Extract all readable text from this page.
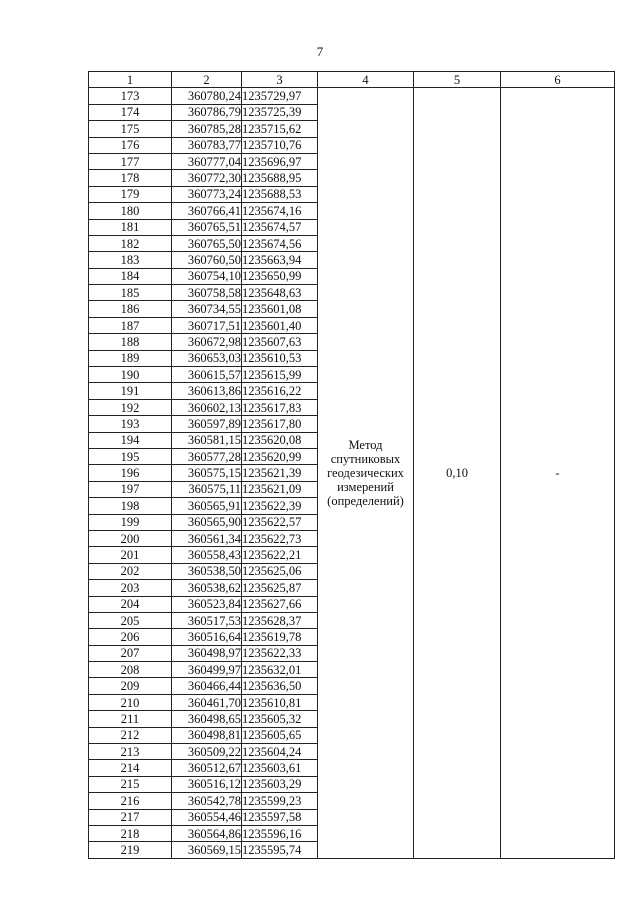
7
1	2	3	4	5	6
173	360780,24	1235729,97	Метод
спутниковых
геодезических
измерений
(определений)	0,10	-
174	360786,79	1235725,39			
175	360785,28	1235715,62			
176	360783,77	1235710,76			
177	360777,04	1235696,97			
178	360772,30	1235688,95			
179	360773,24	1235688,53			
180	360766,41	1235674,16			
181	360765,51	1235674,57			
182	360765,50	1235674,56			
183	360760,50	1235663,94			
184	360754,10	1235650,99			
185	360758,58	1235648,63			
186	360734,55	1235601,08			
187	360717,51	1235601,40			
188	360672,98	1235607,63			
189	360653,03	1235610,53			
190	360615,57	1235615,99			
191	360613,86	1235616,22			
192	360602,13	1235617,83			
193	360597,89	1235617,80			
194	360581,15	1235620,08			
195	360577,28	1235620,99			
196	360575,15	1235621,39			
197	360575,11	1235621,09			
198	360565,91	1235622,39			
199	360565,90	1235622,57			
200	360561,34	1235622,73			
201	360558,43	1235622,21			
202	360538,50	1235625,06			
203	360538,62	1235625,87			
204	360523,84	1235627,66			
205	360517,53	1235628,37			
206	360516,64	1235619,78			
207	360498,97	1235622,33			
208	360499,97	1235632,01			
209	360466,44	1235636,50			
210	360461,70	1235610,81			
211	360498,65	1235605,32			
212	360498,81	1235605,65			
213	360509,22	1235604,24			
214	360512,67	1235603,61			
215	360516,12	1235603,29			
216	360542,78	1235599,23			
217	360554,46	1235597,58			
218	360564,86	1235596,16			
219	360569,15	1235595,74			
